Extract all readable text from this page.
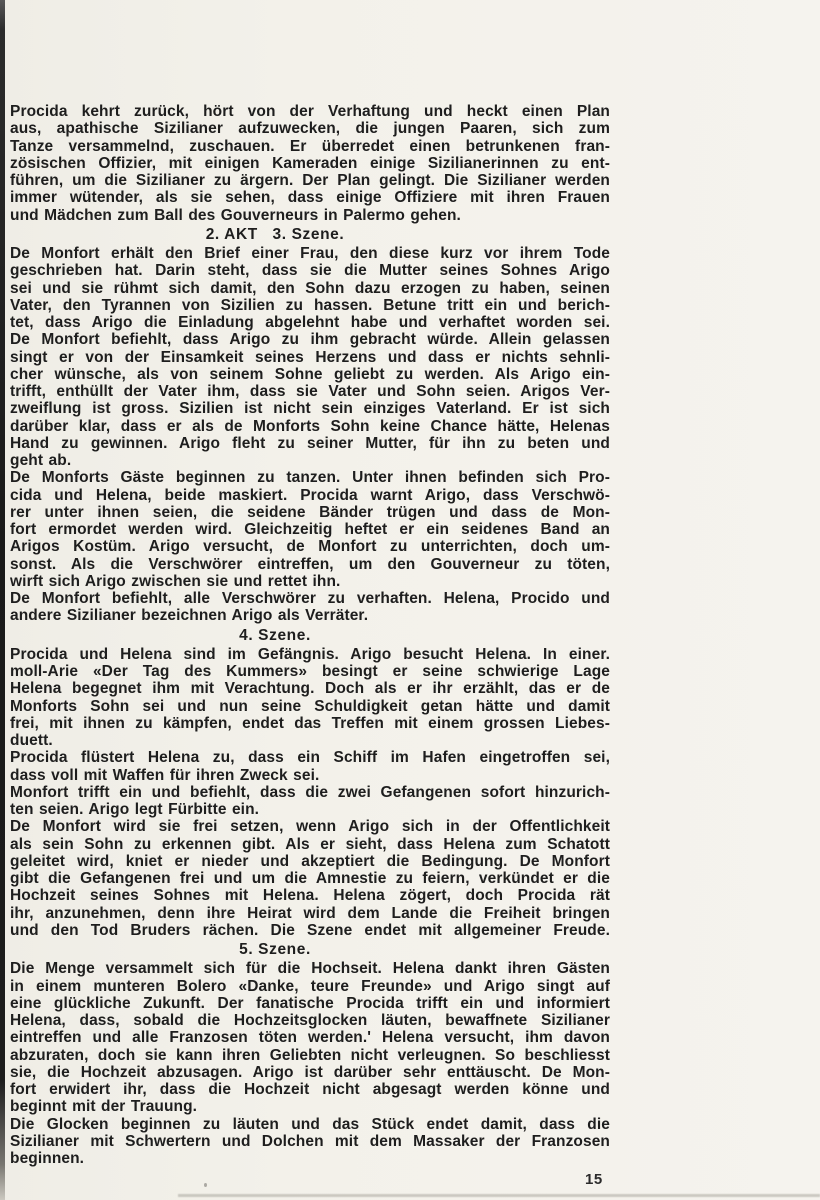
Procida kehrt zurück, hört von der Verhaftung und heckt einen Plan
aus, apathische Sizilianer aufzuwecken, die jungen Paaren, sich zum
Tanze versammelnd, zuschauen. Er überredet einen betrunkenen fran-
zösischen Offizier, mit einigen Kameraden einige Sizilianerinnen zu ent-
führen, um die Sizilianer zu ärgern. Der Plan gelingt. Die Sizilianer werden
immer wütender, als sie sehen, dass einige Offiziere mit ihren Frauen
und Mädchen zum Ball des Gouverneurs in Palermo gehen.
2. AKT   3. Szene.
De Monfort erhält den Brief einer Frau, den diese kurz vor ihrem Tode
geschrieben hat. Darin steht, dass sie die Mutter seines Sohnes Arigo
sei und sie rühmt sich damit, den Sohn dazu erzogen zu haben, seinen
Vater, den Tyrannen von Sizilien zu hassen. Betune tritt ein und berich-
tet, dass Arigo die Einladung abgelehnt habe und verhaftet worden sei.
De Monfort befiehlt, dass Arigo zu ihm gebracht würde. Allein gelassen
singt er von der Einsamkeit seines Herzens und dass er nichts sehnli-
cher wünsche, als von seinem Sohne geliebt zu werden. Als Arigo ein-
trifft, enthüllt der Vater ihm, dass sie Vater und Sohn seien. Arigos Ver-
zweiflung ist gross. Sizilien ist nicht sein einziges Vaterland. Er ist sich
darüber klar, dass er als de Monforts Sohn keine Chance hätte, Helenas
Hand zu gewinnen. Arigo fleht zu seiner Mutter, für ihn zu beten und
geht ab.
De Monforts Gäste beginnen zu tanzen. Unter ihnen befinden sich Pro-
cida und Helena, beide maskiert. Procida warnt Arigo, dass Verschwö-
rer unter ihnen seien, die seidene Bänder trügen und dass de Mon-
fort ermordet werden wird. Gleichzeitig heftet er ein seidenes Band an
Arigos Kostüm. Arigo versucht, de Monfort zu unterrichten, doch um-
sonst. Als die Verschwörer eintreffen, um den Gouverneur zu töten,
wirft sich Arigo zwischen sie und rettet ihn.
De Monfort befiehlt, alle Verschwörer zu verhaften. Helena, Procido und
andere Sizilianer bezeichnen Arigo als Verräter.
4. Szene.
Procida und Helena sind im Gefängnis. Arigo besucht Helena. In einer.
moll-Arie «Der Tag des Kummers» besingt er seine schwierige Lage
Helena begegnet ihm mit Verachtung. Doch als er ihr erzählt, das er de
Monforts Sohn sei und nun seine Schuldigkeit getan hätte und damit
frei, mit ihnen zu kämpfen, endet das Treffen mit einem grossen Liebes-
duett.
Procida flüstert Helena zu, dass ein Schiff im Hafen eingetroffen sei,
dass voll mit Waffen für ihren Zweck sei.
Monfort trifft ein und befiehlt, dass die zwei Gefangenen sofort hinzurich-
ten seien. Arigo legt Fürbitte ein.
De Monfort wird sie frei setzen, wenn Arigo sich in der Offentlichkeit
als sein Sohn zu erkennen gibt. Als er sieht, dass Helena zum Schatott
geleitet wird, kniet er nieder und akzeptiert die Bedingung. De Monfort
gibt die Gefangenen frei und um die Amnestie zu feiern, verkündet er die
Hochzeit seines Sohnes mit Helena. Helena zögert, doch Procida rät
ihr, anzunehmen, denn ihre Heirat wird dem Lande die Freiheit bringen
und den Tod Bruders rächen. Die Szene endet mit allgemeiner Freude.
5. Szene.
Die Menge versammelt sich für die Hochseit. Helena dankt ihren Gästen
in einem munteren Bolero «Danke, teure Freunde» und Arigo singt auf
eine glückliche Zukunft. Der fanatische Procida trifft ein und informiert
Helena, dass, sobald die Hochzeitsglocken läuten, bewaffnete Sizilianer
eintreffen und alle Franzosen töten werden.' Helena versucht, ihm davon
abzuraten, doch sie kann ihren Geliebten nicht verleugnen. So beschliesst
sie, die Hochzeit abzusagen. Arigo ist darüber sehr enttäuscht. De Mon-
fort erwidert ihr, dass die Hochzeit nicht abgesagt werden könne und
beginnt mit der Trauung.
Die Glocken beginnen zu läuten und das Stück endet damit, dass die
Sizilianer mit Schwertern und Dolchen mit dem Massaker der Franzosen
beginnen.
15
